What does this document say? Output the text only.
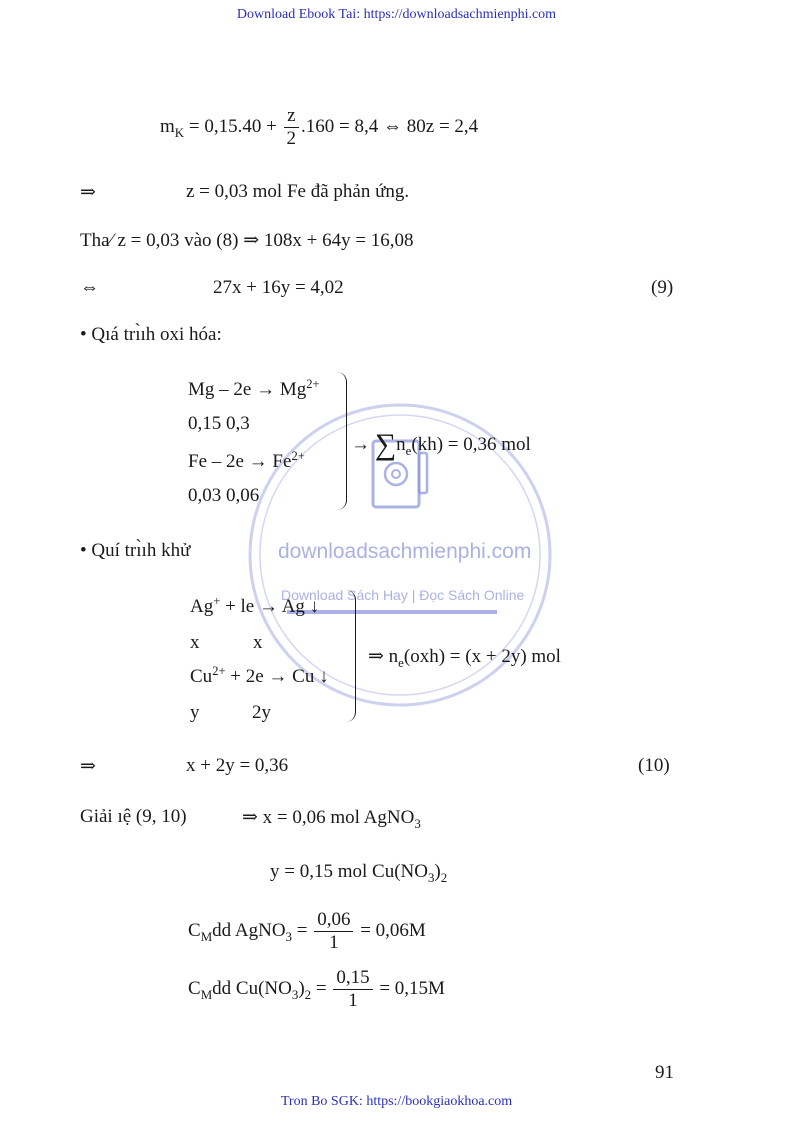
Download Ebook Tai: https://downloadsachmienphi.com
Tron Bo SGK: https://bookgiaokhoa.com
91
downloadsachmienphi.com
Download Sách Hay | Đọc Sách Online
$m_K = 0,15.40 + \frac{z}{2} .160 = 8,4$ ⇔ 80z = 2,4
⇒	z = 0,03 mol Fe đã phản ứng.
Tha⁄ z = 0,03 vào (8) ⇒ 108x + 64y = 16,08
⇔	27x + 16y = 4,02	(9)
• Qıá trı̀ıh oxi hóa:
$Mg - 2e \to Mg^{2+}$
0,15 0,3
$Fe - 2e \to Fe^{2+}$
0,03 0,06
→ $\sum n_e(kh) = 0,36$ mol
• Quí trı̀ıh khử
Ag+ + le → Ag ↓
x	x
$Cu^{2+} + 2e \to Cu$ ↓
y	2y
⇒ $n_e(oxh) = (x + 2y)$ mol
⇒	x + 2y = 0,36	(10)
Giải ıệ (9, 10)	⇒ x = 0,06 mol AgNO$_3$
y = 0,15 mol $Cu(NO_3)_2$
$C_Mdd$ AgNO$_3$ = $\frac{0,06}{1} = 0,06M$
$C_Mdd$ $Cu(NO_3)_2 = \frac{0,15}{1} = 0,15M$
